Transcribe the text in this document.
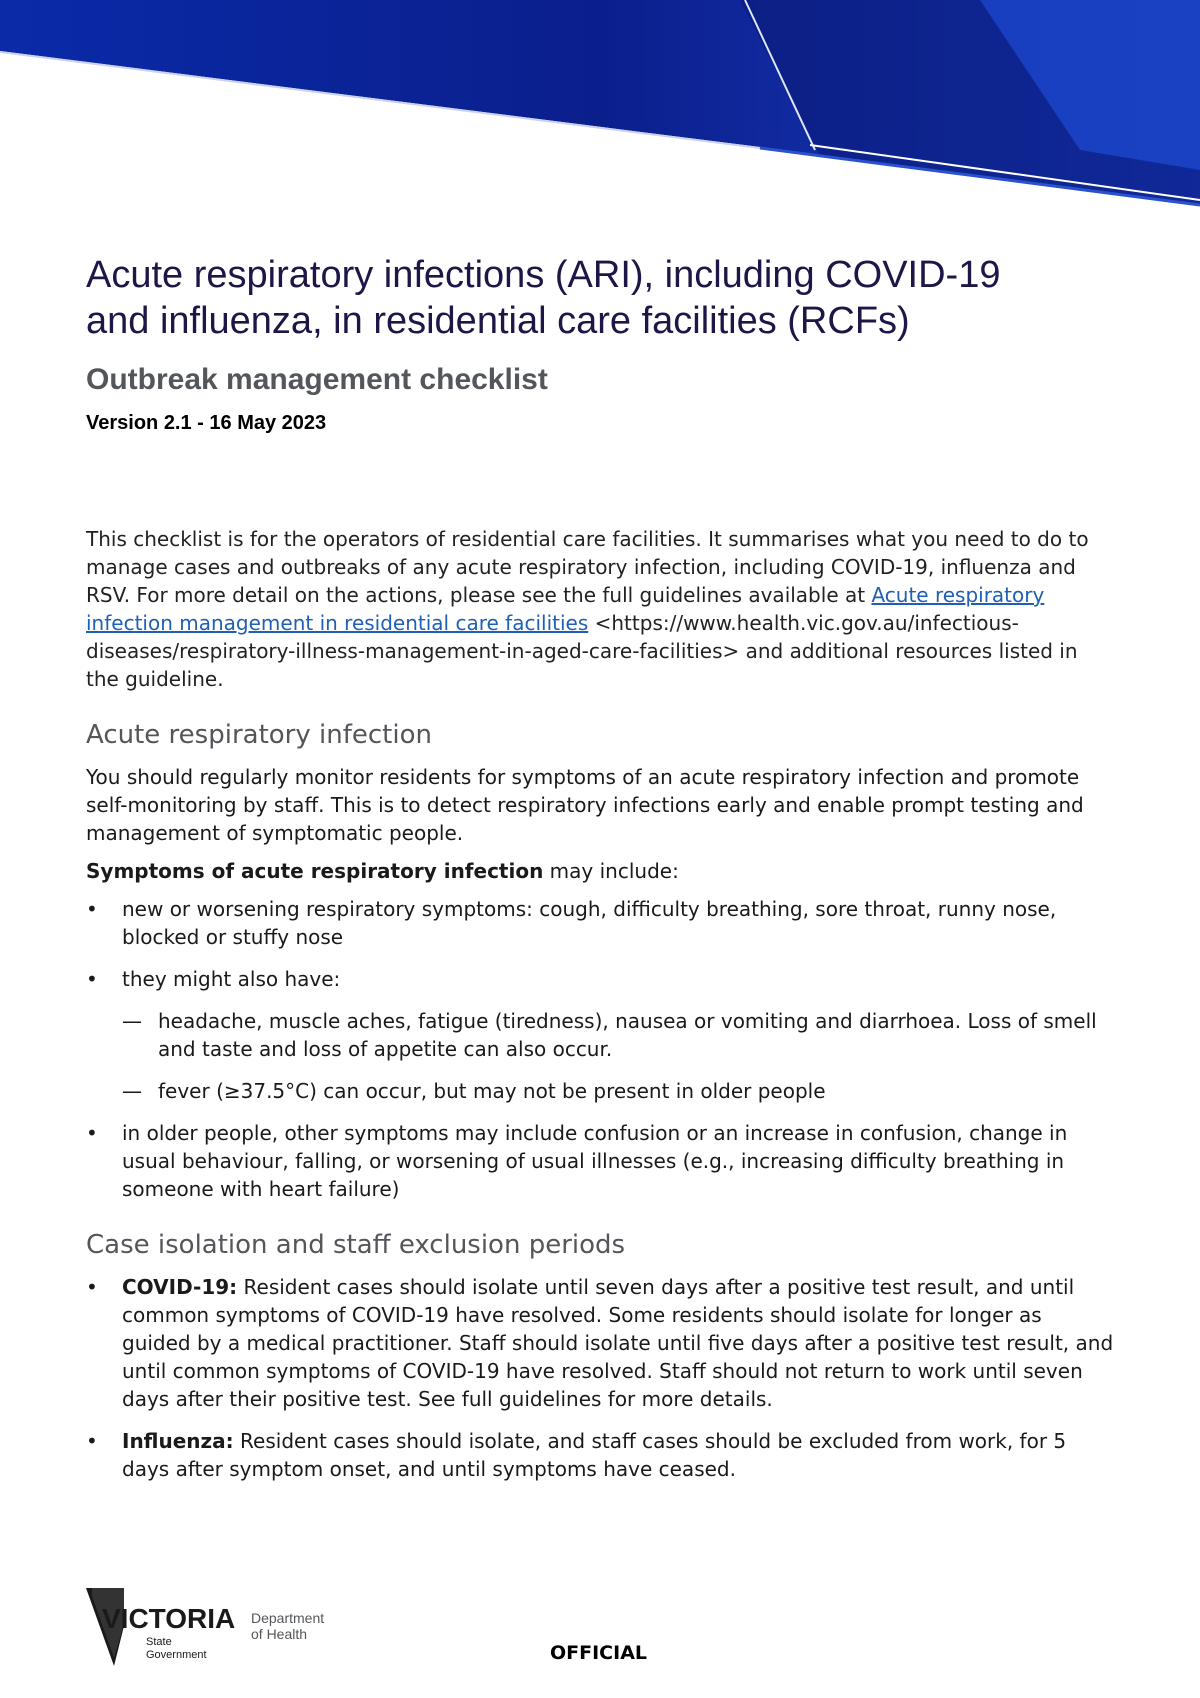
Acute respiratory infections (ARI), including COVID-19
and influenza, in residential care facilities (RCFs)
Outbreak management checklist
Version 2.1 - 16 May 2023

This checklist is for the operators of residential care facilities. It summarises what you need to do to manage cases and outbreaks of any acute respiratory infection, including COVID-19, influenza and RSV. For more detail on the actions, please see the full guidelines available at Acute respiratory infection management in residential care facilities <https://www.health.vic.gov.au/infectious-diseases/respiratory-illness-management-in-aged-care-facilities> and additional resources listed in the guideline.

Acute respiratory infection

You should regularly monitor residents for symptoms of an acute respiratory infection and promote self-monitoring by staff. This is to detect respiratory infections early and enable prompt testing and management of symptomatic people.

Symptoms of acute respiratory infection may include:

• new or worsening respiratory symptoms: cough, difficulty breathing, sore throat, runny nose, blocked or stuffy nose
• they might also have:
— headache, muscle aches, fatigue (tiredness), nausea or vomiting and diarrhoea. Loss of smell and taste and loss of appetite can also occur.
— fever (≥37.5°C) can occur, but may not be present in older people
• in older people, other symptoms may include confusion or an increase in confusion, change in usual behaviour, falling, or worsening of usual illnesses (e.g., increasing difficulty breathing in someone with heart failure)
Case isolation and staff exclusion periods
• COVID-19: Resident cases should isolate until seven days after a positive test result, and until common symptoms of COVID-19 have resolved. Some residents should isolate for longer as guided by a medical practitioner. Staff should isolate until five days after a positive test result, and until common symptoms of COVID-19 have resolved. Staff should not return to work until seven days after their positive test. See full guidelines for more details.
• Influenza: Resident cases should isolate, and staff cases should be excluded from work, for 5 days after symptom onset, and until symptoms have ceased.
VICTORIA
State
Government
Department
of Health
OFFICIAL
